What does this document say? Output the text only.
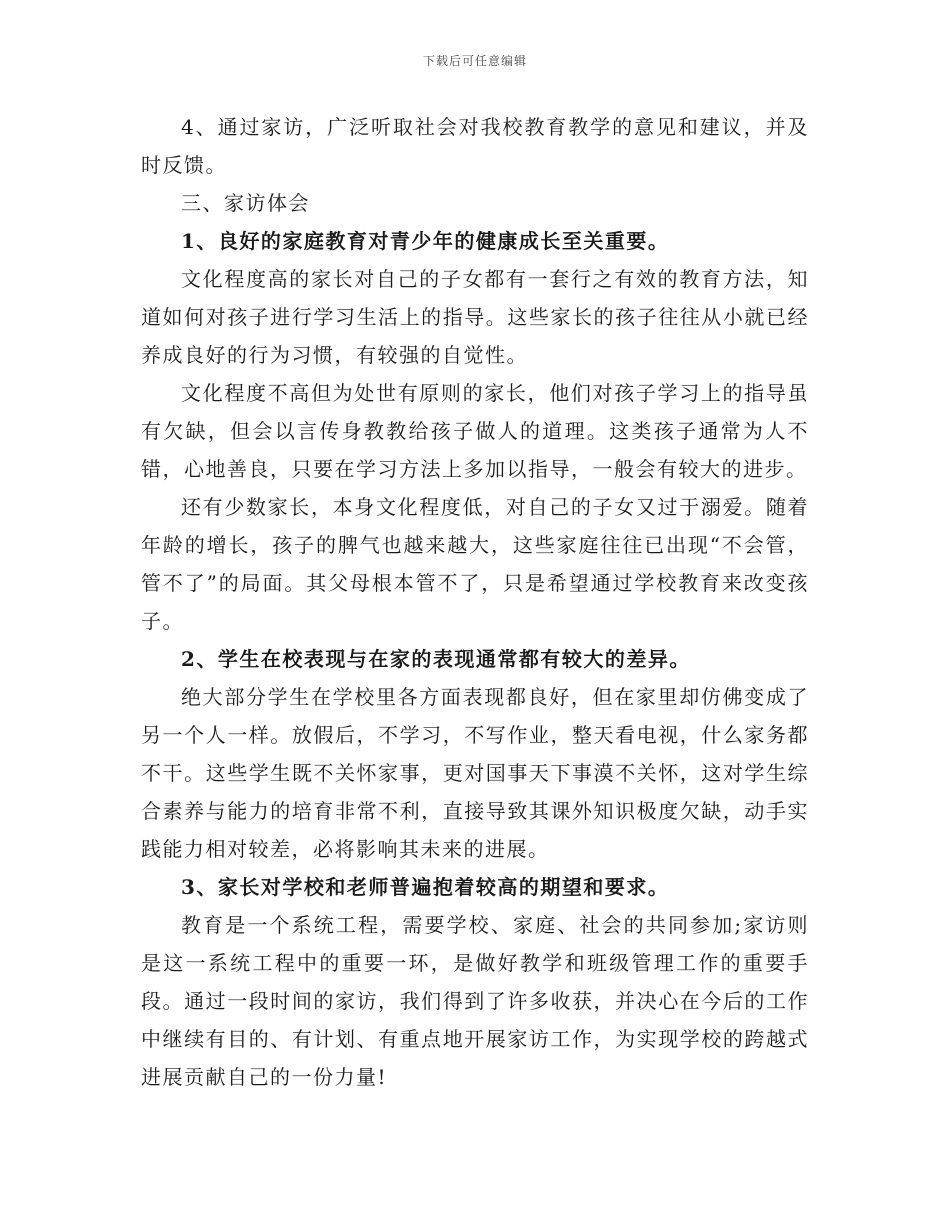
下载后可任意编辑

4、通过家访，广泛听取社会对我校教育教学的意见和建议，并及时反馈。

三、家访体会

1、良好的家庭教育对青少年的健康成长至关重要。

文化程度高的家长对自己的子女都有一套行之有效的教育方法，知道如何对孩子进行学习生活上的指导。这些家长的孩子往往从小就已经养成良好的行为习惯，有较强的自觉性。

文化程度不高但为处世有原则的家长，他们对孩子学习上的指导虽有欠缺，但会以言传身教教给孩子做人的道理。这类孩子通常为人不错，心地善良，只要在学习方法上多加以指导，一般会有较大的进步。

还有少数家长，本身文化程度低，对自己的子女又过于溺爱。随着年龄的增长，孩子的脾气也越来越大，这些家庭往往已出现“不会管，管不了”的局面。其父母根本管不了，只是希望通过学校教育来改变孩子。

2、学生在校表现与在家的表现通常都有较大的差异。

绝大部分学生在学校里各方面表现都良好，但在家里却仿佛变成了另一个人一样。放假后，不学习，不写作业，整天看电视，什么家务都不干。这些学生既不关怀家事，更对国事天下事漠不关怀，这对学生综合素养与能力的培育非常不利，直接导致其课外知识极度欠缺，动手实践能力相对较差，必将影响其未来的进展。

3、家长对学校和老师普遍抱着较高的期望和要求。

教育是一个系统工程，需要学校、家庭、社会的共同参加;家访则是这一系统工程中的重要一环，是做好教学和班级管理工作的重要手段。通过一段时间的家访，我们得到了许多收获，并决心在今后的工作中继续有目的、有计划、有重点地开展家访工作，为实现学校的跨越式进展贡献自己的一份力量!
